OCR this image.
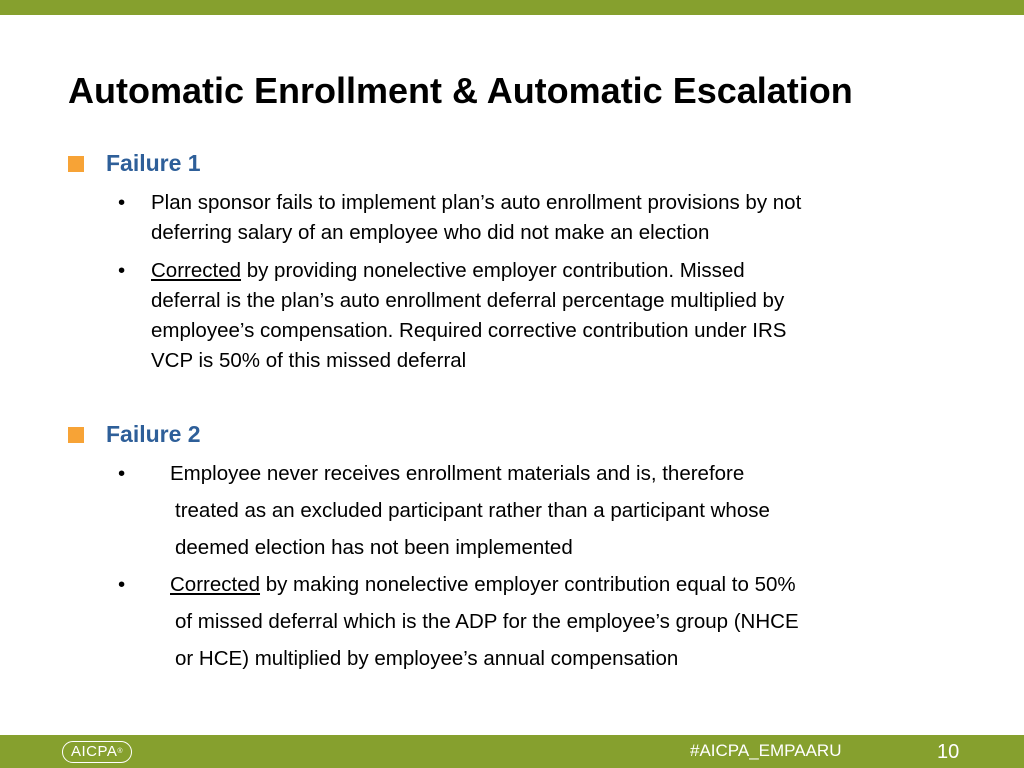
Automatic Enrollment & Automatic Escalation
Failure 1
• Plan sponsor fails to implement plan’s auto enrollment provisions by not
deferring salary of an employee who did not make an election
• Corrected by providing nonelective employer contribution. Missed
deferral is the plan’s auto enrollment deferral percentage multiplied by
employee’s compensation. Required corrective contribution under IRS
VCP is 50% of this missed deferral
Failure 2
• Employee never receives enrollment materials and is, therefore
treated as an excluded participant rather than a participant whose
deemed election has not been implemented
• Corrected by making nonelective employer contribution equal to 50%
of missed deferral which is the ADP for the employee’s group (NHCE
or HCE) multiplied by employee’s annual compensation
AICPA®	#AICPA_EMPAARU	10
